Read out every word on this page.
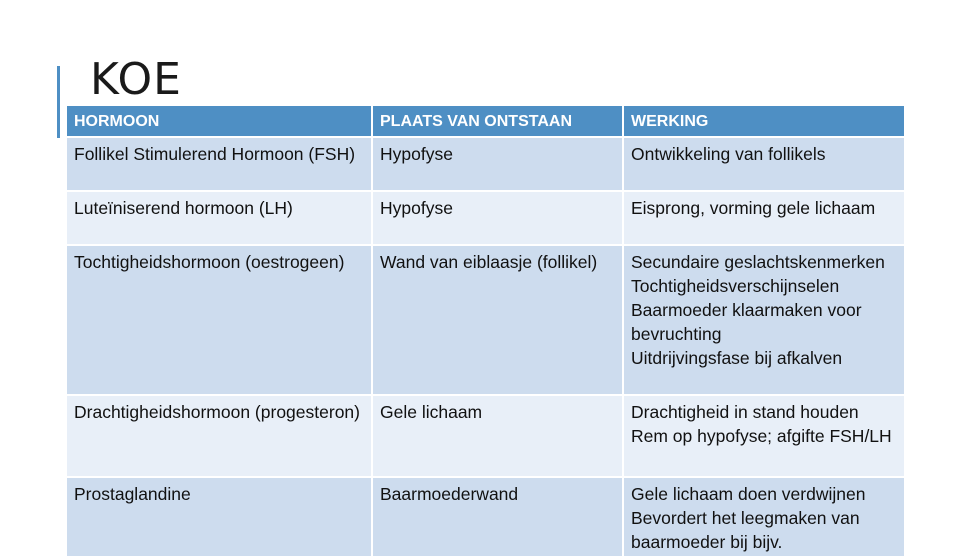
KOE
HORMOON	PLAATS VAN ONTSTAAN	WERKING
Follikel Stimulerend Hormoon (FSH)	Hypofyse	Ontwikkeling van follikels

Luteïniserend hormoon (LH)	Hypofyse	Eisprong, vorming gele lichaam

Tochtigheidshormoon (oestrogeen)	Wand van eiblaasje (follikel)	Secundaire geslachtskenmerken
Tochtigheidsverschijnselen
Baarmoeder klaarmaken voor bevruchting
Uitdrijvingsfase bij afkalven

Drachtigheidshormoon (progesteron)	Gele lichaam	Drachtigheid in stand houden
Rem op hypofyse; afgifte FSH/LH

Prostaglandine	Baarmoederwand	Gele lichaam doen verdwijnen
Bevordert het leegmaken van baarmoeder bij bijv.
